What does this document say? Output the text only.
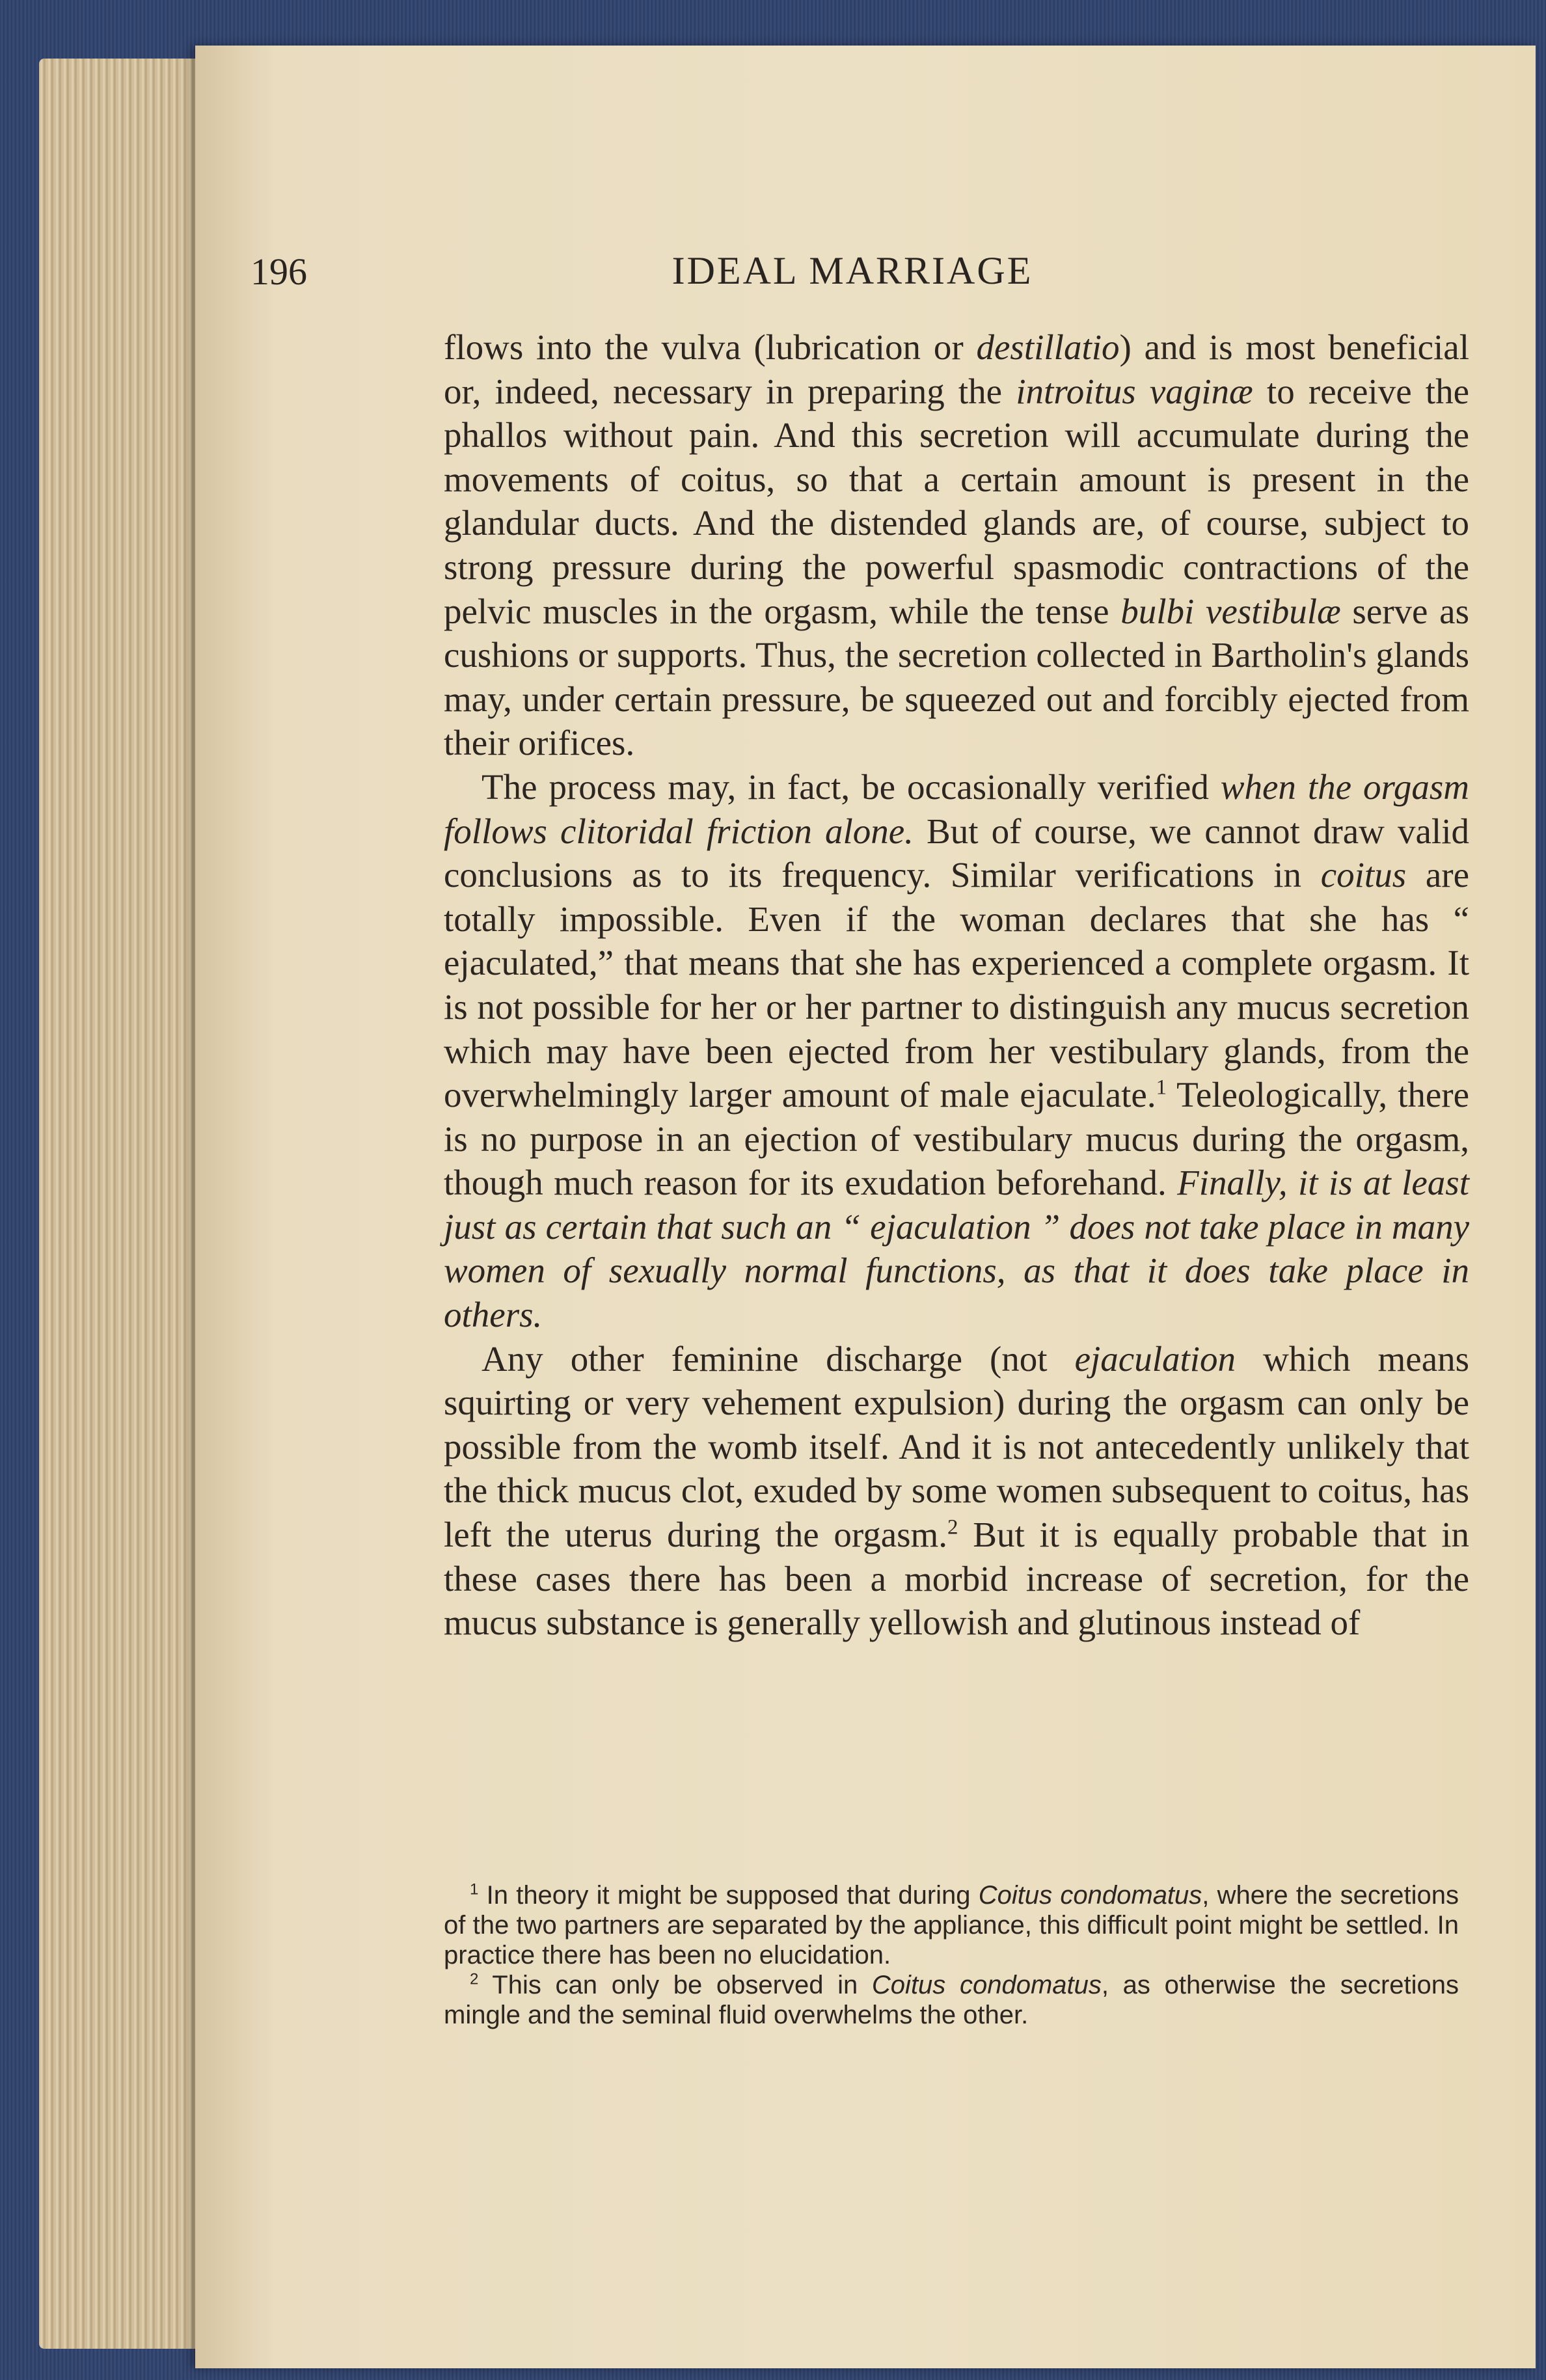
196	IDEAL MARRIAGE

flows into the vulva (lubrication or destillatio) and is most beneficial or, indeed, necessary in preparing the introitus vaginæ to receive the phallos without pain. And this secretion will accumulate during the movements of coitus, so that a certain amount is present in the glandular ducts. And the distended glands are, of course, subject to strong pressure during the powerful spasmodic contractions of the pelvic muscles in the orgasm, while the tense bulbi vestibulæ serve as cushions or supports. Thus, the secretion collected in Bartholin's glands may, under certain pressure, be squeezed out and forcibly ejected from their orifices.

The process may, in fact, be occasionally verified when the orgasm follows clitoridal friction alone. But of course, we cannot draw valid conclusions as to its frequency. Similar verifications in coitus are totally impossible. Even if the woman declares that she has “ ejaculated,” that means that she has experienced a complete orgasm. It is not possible for her or her partner to distinguish any mucus secretion which may have been ejected from her vestibulary glands, from the overwhelmingly larger amount of male ejaculate.$^1$ Teleologically, there is no purpose in an ejection of vestibulary mucus during the orgasm, though much reason for its exudation beforehand. Finally, it is at least just as certain that such an “ ejaculation ” does not take place in many women of sexually normal functions, as that it does take place in others.

Any other feminine discharge (not ejaculation which means squirting or very vehement expulsion) during the orgasm can only be possible from the womb itself. And it is not antecedently unlikely that the thick mucus clot, exuded by some women subsequent to coitus, has left the uterus during the orgasm.$^2$ But it is equally probable that in these cases there has been a morbid increase of secretion, for the mucus substance is generally yellowish and glutinous instead of

$^1$ In theory it might be supposed that during Coitus condomatus, where the secretions of the two partners are separated by the appliance, this difficult point might be settled. In practice there has been no elucidation.

$^2$ This can only be observed in Coitus condomatus, as otherwise the secretions mingle and the seminal fluid overwhelms the other.
